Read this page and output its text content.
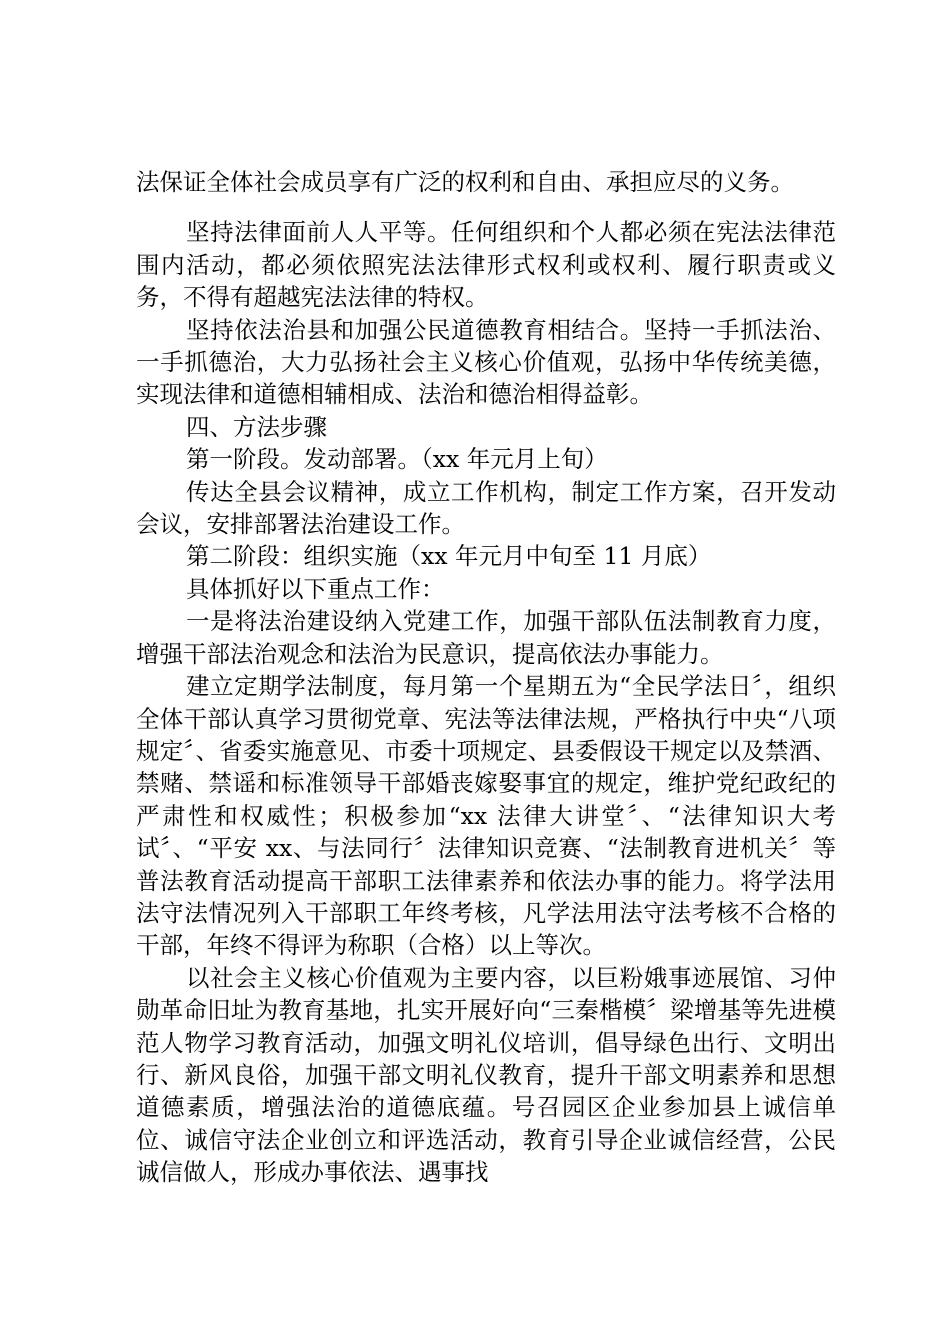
法保证全体社会成员享有广泛的权利和自由、承担应尽的义务。

坚持法律面前人人平等。任何组织和个人都必须在宪法法律范围内活动，都必须依照宪法法律形式权利或权利、履行职责或义务，不得有超越宪法法律的特权。

坚持依法治县和加强公民道德教育相结合。坚持一手抓法治、一手抓德治，大力弘扬社会主义核心价值观，弘扬中华传统美德，实现法律和道德相辅相成、法治和德治相得益彰。

四、方法步骤

第一阶段。发动部署。（xx 年元月上旬）

传达全县会议精神，成立工作机构，制定工作方案，召开发动会议，安排部署法治建设工作。

第二阶段：组织实施（xx 年元月中旬至 11 月底）

具体抓好以下重点工作：

一是将法治建设纳入党建工作，加强干部队伍法制教育力度，增强干部法治观念和法治为民意识，提高依法办事能力。

建立定期学法制度，每月第一个星期五为“全民学法日〞，组织全体干部认真学习贯彻党章、宪法等法律法规，严格执行中央“八项规定〞、省委实施意见、市委十项规定、县委假设干规定以及禁酒、禁赌、禁谣和标准领导干部婚丧嫁娶事宜的规定，维护党纪政纪的严肃性和权威性；积极参加“xx 法律大讲堂〞、“法律知识大考试〞、“平安 xx、与法同行〞法律知识竞赛、“法制教育进机关〞等普法教育活动提高干部职工法律素养和依法办事的能力。将学法用法守法情况列入干部职工年终考核，凡学法用法守法考核不合格的干部，年终不得评为称职（合格）以上等次。

以社会主义核心价值观为主要内容，以巨粉娥事迹展馆、习仲勋革命旧址为教育基地，扎实开展好向“三秦楷模〞梁增基等先进模范人物学习教育活动，加强文明礼仪培训，倡导绿色出行、文明出行、新风良俗，加强干部文明礼仪教育，提升干部文明素养和思想道德素质，增强法治的道德底蕴。号召园区企业参加县上诚信单位、诚信守法企业创立和评选活动，教育引导企业诚信经营，公民诚信做人，形成办事依法、遇事找
